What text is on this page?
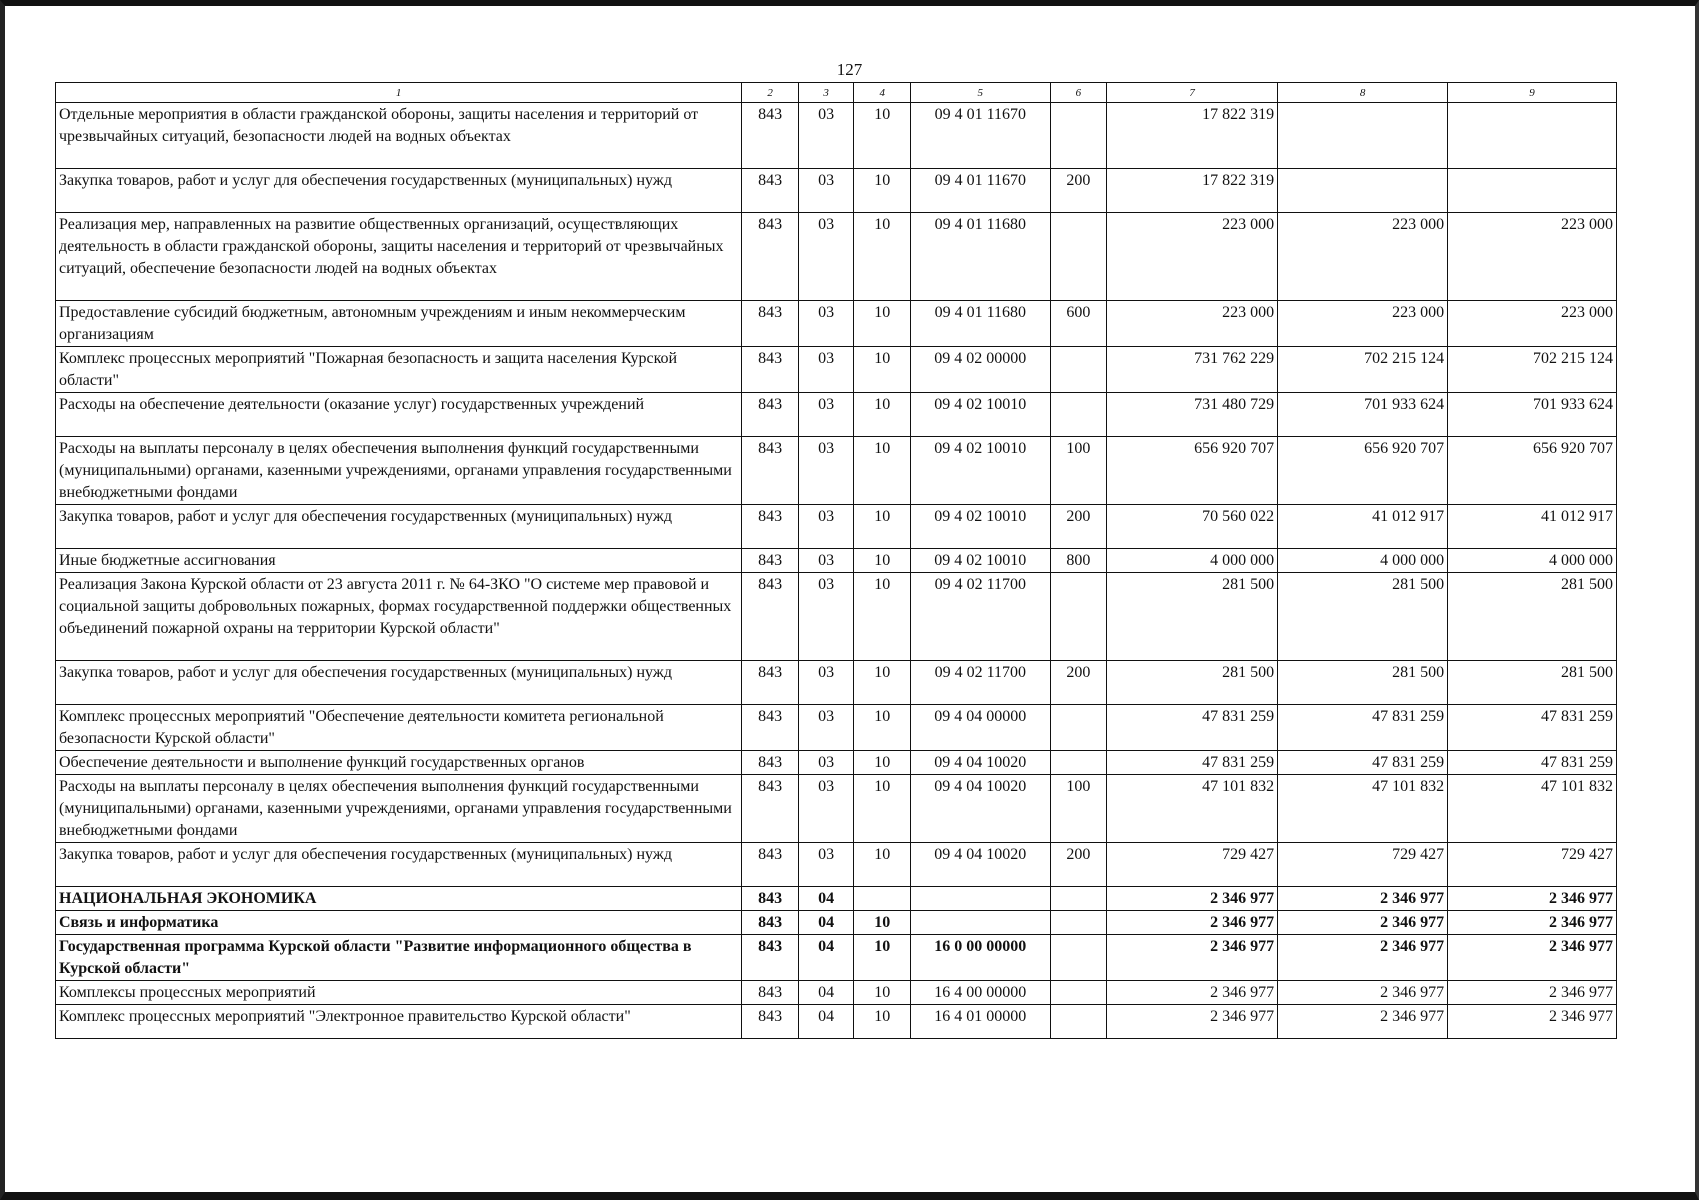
127
1	2	3	4	5	6	7	8	9
Отдельные мероприятия в области гражданской обороны, защиты населения и территорий от чрезвычайных ситуаций, безопасности людей на водных объектах	843	03	10	09 4 01 11670		17 822 319		
Закупка товаров, работ и услуг для обеспечения государственных (муниципальных) нужд	843	03	10	09 4 01 11670	200	17 822 319		
Реализация мер, направленных на развитие общественных организаций, осуществляющих деятельность в области гражданской обороны, защиты населения и территорий от чрезвычайных ситуаций, обеспечение безопасности людей на водных объектах	843	03	10	09 4 01 11680		223 000	223 000	223 000
Предоставление субсидий бюджетным, автономным учреждениям и иным некоммерческим организациям	843	03	10	09 4 01 11680	600	223 000	223 000	223 000
Комплекс процессных мероприятий "Пожарная безопасность и защита населения Курской области"	843	03	10	09 4 02 00000		731 762 229	702 215 124	702 215 124
Расходы на обеспечение деятельности (оказание услуг) государственных учреждений	843	03	10	09 4 02 10010		731 480 729	701 933 624	701 933 624
Расходы на выплаты персоналу в целях обеспечения выполнения функций государственными (муниципальными) органами, казенными учреждениями, органами управления государственными внебюджетными фондами	843	03	10	09 4 02 10010	100	656 920 707	656 920 707	656 920 707
Закупка товаров, работ и услуг для обеспечения государственных (муниципальных) нужд	843	03	10	09 4 02 10010	200	70 560 022	41 012 917	41 012 917
Иные бюджетные ассигнования	843	03	10	09 4 02 10010	800	4 000 000	4 000 000	4 000 000
Реализация Закона Курской области от 23 августа 2011 г. № 64-ЗКО "О системе мер правовой и социальной защиты добровольных пожарных, формах государственной поддержки общественных объединений пожарной охраны на территории Курской области"	843	03	10	09 4 02 11700		281 500	281 500	281 500
Закупка товаров, работ и услуг для обеспечения государственных (муниципальных) нужд	843	03	10	09 4 02 11700	200	281 500	281 500	281 500
Комплекс процессных мероприятий "Обеспечение деятельности комитета региональной безопасности Курской области"	843	03	10	09 4 04 00000		47 831 259	47 831 259	47 831 259
Обеспечение деятельности и выполнение функций государственных органов	843	03	10	09 4 04 10020		47 831 259	47 831 259	47 831 259
Расходы на выплаты персоналу в целях обеспечения выполнения функций государственными (муниципальными) органами, казенными учреждениями, органами управления государственными внебюджетными фондами	843	03	10	09 4 04 10020	100	47 101 832	47 101 832	47 101 832
Закупка товаров, работ и услуг для обеспечения государственных (муниципальных) нужд	843	03	10	09 4 04 10020	200	729 427	729 427	729 427
НАЦИОНАЛЬНАЯ ЭКОНОМИКА	843	04				2 346 977	2 346 977	2 346 977
Связь и информатика	843	04	10			2 346 977	2 346 977	2 346 977
Государственная программа Курской области "Развитие информационного общества в Курской области"	843	04	10	16 0 00 00000		2 346 977	2 346 977	2 346 977
Комплексы процессных мероприятий	843	04	10	16 4 00 00000		2 346 977	2 346 977	2 346 977
Комплекс процессных мероприятий "Электронное правительство Курской области"	843	04	10	16 4 01 00000		2 346 977	2 346 977	2 346 977
